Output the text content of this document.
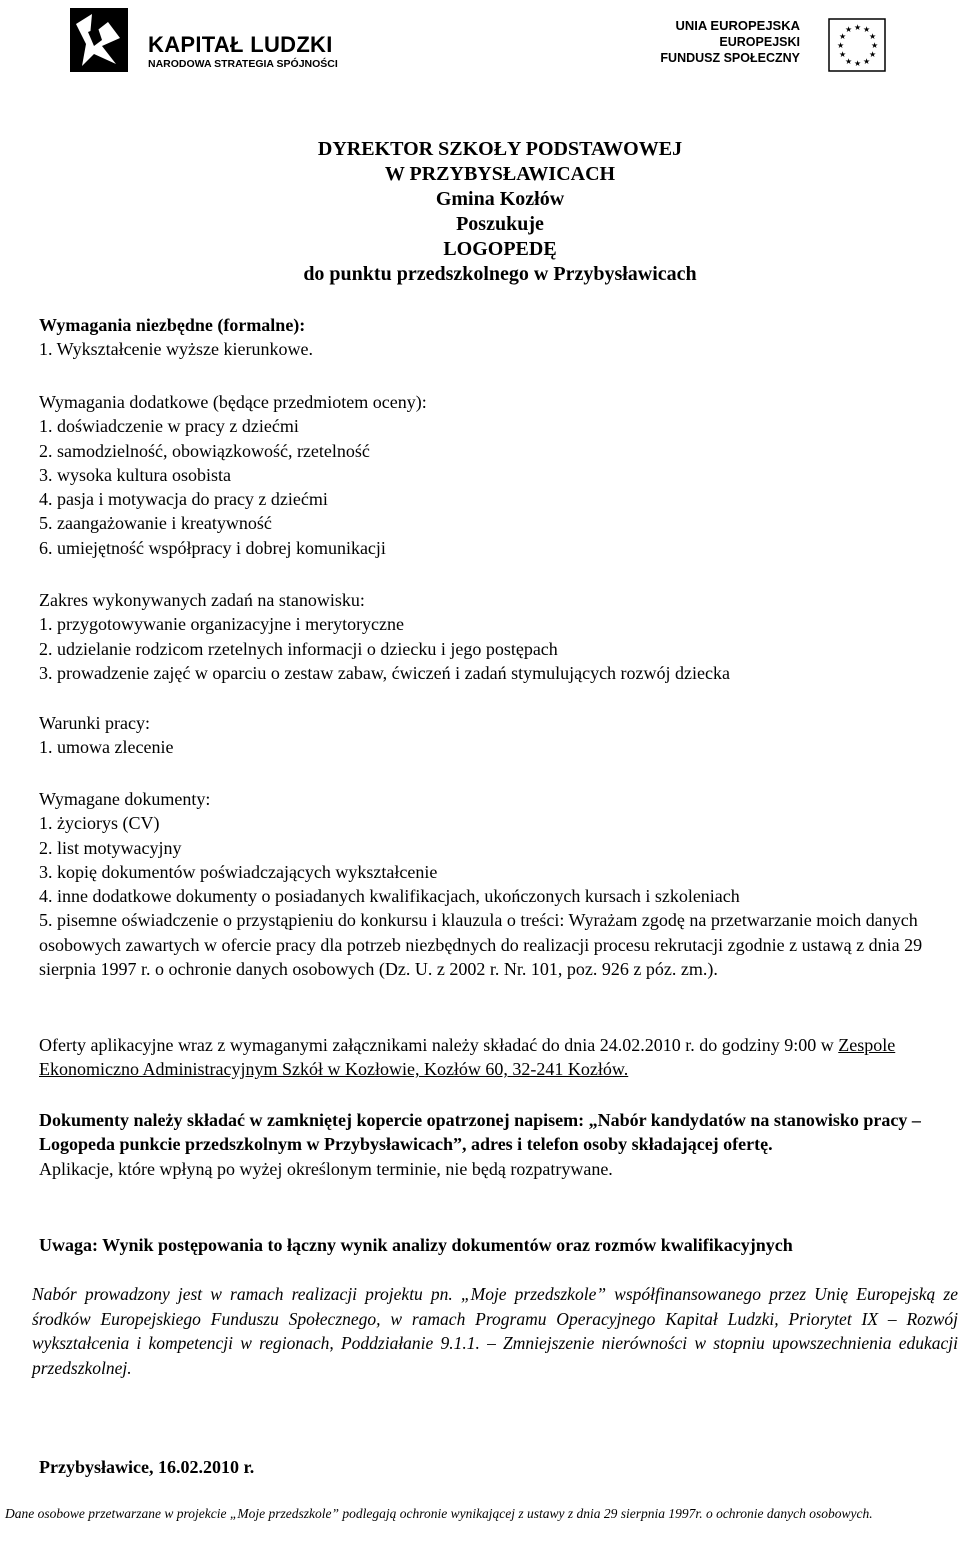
KAPITAŁ LUDZKI
NARODOWA STRATEGIA SPÓJNOŚCI
UNIA EUROPEJSKA
EUROPEJSKI
FUNDUSZ SPOŁECZNY
★ ★
★
★
★
★
★
★
★
★
★
★
DYREKTOR SZKOŁY PODSTAWOWEJ
W PRZYBYSŁAWICACH
Gmina Kozłów
Poszukuje
LOGOPEDĘ
do punktu przedszkolnego w Przybysławicach

Wymagania niezbędne (formalne):

1. Wykształcenie wyższe kierunkowe.

Wymagania dodatkowe (będące przedmiotem oceny):

1. doświadczenie w pracy z dziećmi

2. samodzielność, obowiązkowość, rzetelność

3. wysoka kultura osobista

4. pasja i motywacja do pracy z dziećmi

5. zaangażowanie i kreatywność

6. umiejętność współpracy i dobrej komunikacji

Zakres wykonywanych zadań na stanowisku:

1. przygotowywanie organizacyjne i merytoryczne

2. udzielanie rodzicom rzetelnych informacji o dziecku i jego postępach

3. prowadzenie zajęć w oparciu o zestaw zabaw, ćwiczeń i zadań stymulujących rozwój dziecka

Warunki pracy:

1. umowa zlecenie

Wymagane dokumenty:

1. życiorys (CV)

2. list motywacyjny

3. kopię dokumentów poświadczających wykształcenie

4. inne dodatkowe dokumenty o posiadanych kwalifikacjach, ukończonych kursach i szkoleniach

5. pisemne oświadczenie o przystąpieniu do konkursu i klauzula o treści: Wyrażam zgodę na przetwarzanie moich danych osobowych zawartych w ofercie pracy dla potrzeb niezbędnych do realizacji procesu rekrutacji zgodnie z ustawą z dnia 29 sierpnia 1997 r. o ochronie danych osobowych (Dz. U. z 2002 r. Nr. 101, poz. 926 z póz. zm.).

Oferty aplikacyjne wraz z wymaganymi załącznikami należy składać do dnia 24.02.2010 r. do godziny 9:00 w Zespole Ekonomiczno Administracyjnym Szkół w Kozłowie, Kozłów 60, 32-241 Kozłów.

Dokumenty należy składać w zamkniętej kopercie opatrzonej napisem: „Nabór kandydatów na stanowisko pracy – Logopeda punkcie przedszkolnym w Przybysławicach”, adres i telefon osoby składającej ofertę.

Aplikacje, które wpłyną po wyżej określonym terminie, nie będą rozpatrywane.

Uwaga: Wynik postępowania to łączny wynik analizy dokumentów oraz rozmów kwalifikacyjnych

Nabór prowadzony jest w ramach realizacji projektu pn. „Moje przedszkole” współfinansowanego przez Unię Europejską ze środków Europejskiego Funduszu Społecznego, w ramach Programu Operacyjnego Kapitał Ludzki, Priorytet IX – Rozwój wykształcenia i kompetencji w regionach, Poddziałanie 9.1.1. – Zmniejszenie nierówności w stopniu upowszechnienia edukacji przedszkolnej.
Przybysławice, 16.02.2010 r.
Dane osobowe przetwarzane w projekcie „Moje przedszkole” podlegają ochronie wynikającej z ustawy z dnia 29 sierpnia 1997r. o ochronie danych osobowych.
